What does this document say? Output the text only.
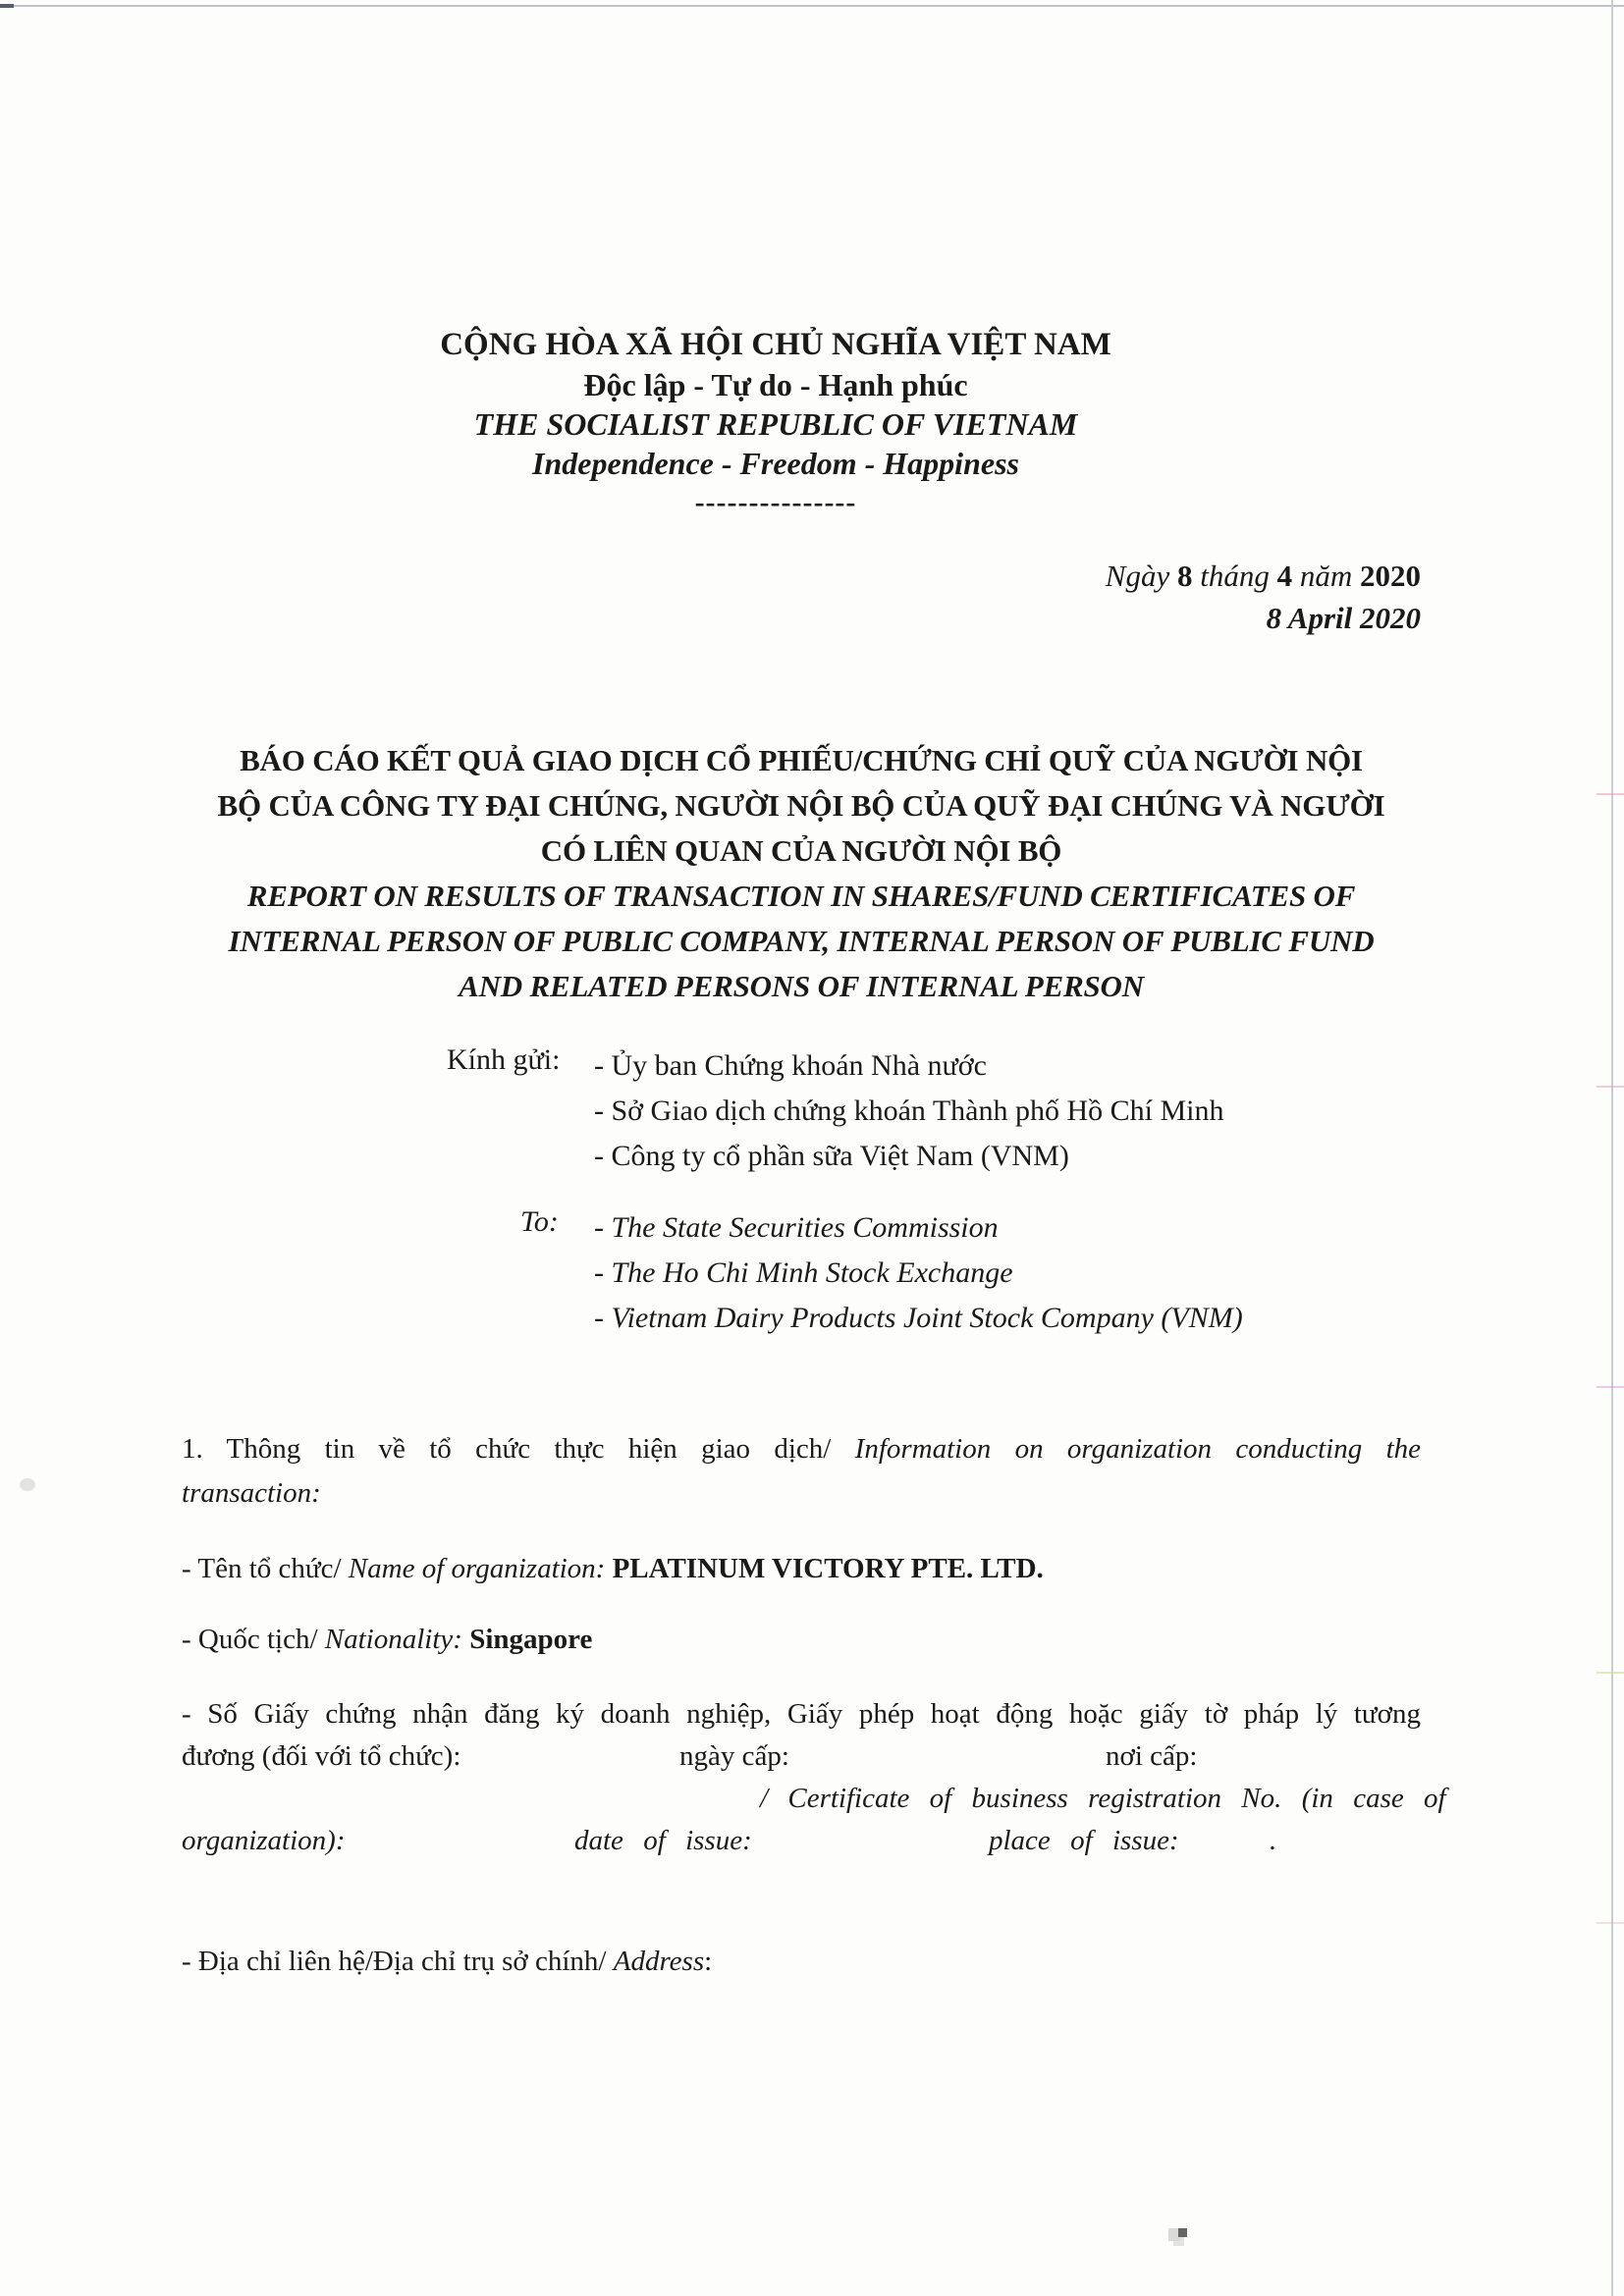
CỘNG HÒA XÃ HỘI CHỦ NGHĨA VIỆT NAM
Độc lập - Tự do - Hạnh phúc
THE SOCIALIST REPUBLIC OF VIETNAM
Independence - Freedom - Happiness
---------------
Ngày 8 tháng 4 năm 2020
8 April 2020
BÁO CÁO KẾT QUẢ GIAO DỊCH CỔ PHIẾU/CHỨNG CHỈ QUỸ CỦA NGƯỜI NỘI
BỘ CỦA CÔNG TY ĐẠI CHÚNG, NGƯỜI NỘI BỘ CỦA QUỸ ĐẠI CHÚNG VÀ NGƯỜI
CÓ LIÊN QUAN CỦA NGƯỜI NỘI BỘ
REPORT ON RESULTS OF TRANSACTION IN SHARES/FUND CERTIFICATES OF
INTERNAL PERSON OF PUBLIC COMPANY, INTERNAL PERSON OF PUBLIC FUND
AND RELATED PERSONS OF INTERNAL PERSON
Kính gửi: - Ủy ban Chứng khoán Nhà nước
- Sở Giao dịch chứng khoán Thành phố Hồ Chí Minh
- Công ty cổ phần sữa Việt Nam (VNM)
To: - The State Securities Commission
- The Ho Chi Minh Stock Exchange
- Vietnam Dairy Products Joint Stock Company (VNM)
1. Thông tin về tổ chức thực hiện giao dịch/ Information on organization conducting the
transaction:
- Tên tổ chức/ Name of organization: PLATINUM VICTORY PTE. LTD.
- Quốc tịch/ Nationality: Singapore
- Số Giấy chứng nhận đăng ký doanh nghiệp, Giấy phép hoạt động hoặc giấy tờ pháp lý tương
đương (đối với tổ chức):	ngày cấp:	nơi cấp:
/ Certificate of business registration No. (in case of
organization):	date of issue:	place of issue:	.
- Địa chỉ liên hệ/Địa chỉ trụ sở chính/ Address:
